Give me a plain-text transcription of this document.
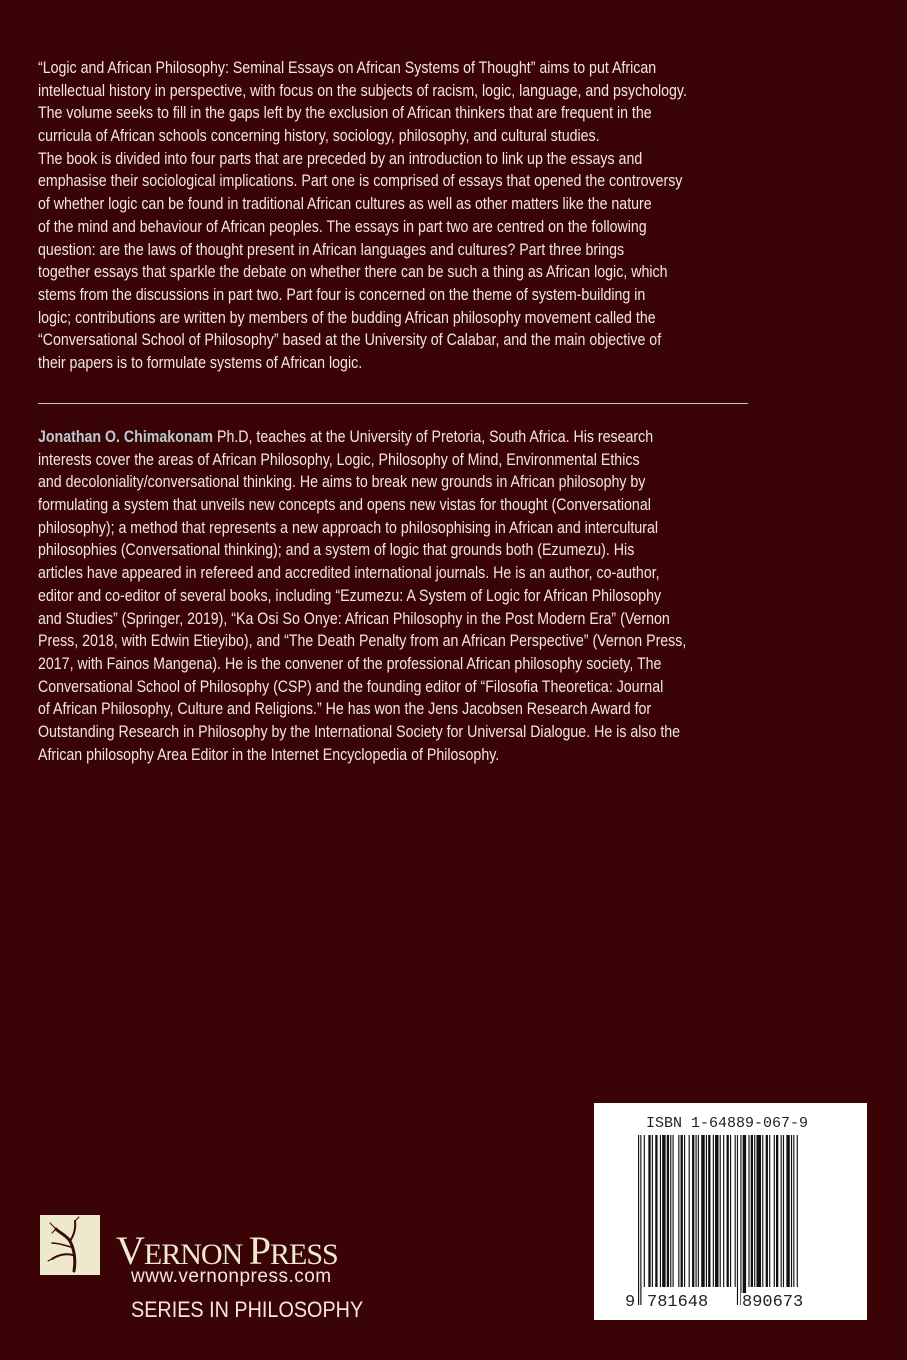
“Logic and African Philosophy: Seminal Essays on African Systems of Thought” aims to put African
intellectual history in perspective, with focus on the subjects of racism, logic, language, and psychology.
The volume seeks to fill in the gaps left by the exclusion of African thinkers that are frequent in the
curricula of African schools concerning history, sociology, philosophy, and cultural studies.
The book is divided into four parts that are preceded by an introduction to link up the essays and
emphasise their sociological implications. Part one is comprised of essays that opened the controversy
of whether logic can be found in traditional African cultures as well as other matters like the nature
of the mind and behaviour of African peoples. The essays in part two are centred on the following
question: are the laws of thought present in African languages and cultures? Part three brings
together essays that sparkle the debate on whether there can be such a thing as African logic, which
stems from the discussions in part two. Part four is concerned on the theme of system-building in
logic; contributions are written by members of the budding African philosophy movement called the
“Conversational School of Philosophy” based at the University of Calabar, and the main objective of
their papers is to formulate systems of African logic.
Jonathan O. Chimakonam Ph.D, teaches at the University of Pretoria, South Africa. His research
interests cover the areas of African Philosophy, Logic, Philosophy of Mind, Environmental Ethics
and decoloniality/conversational thinking. He aims to break new grounds in African philosophy by
formulating a system that unveils new concepts and opens new vistas for thought (Conversational
philosophy); a method that represents a new approach to philosophising in African and intercultural
philosophies (Conversational thinking); and a system of logic that grounds both (Ezumezu). His
articles have appeared in refereed and accredited international journals. He is an author, co-author,
editor and co-editor of several books, including “Ezumezu: A System of Logic for African Philosophy
and Studies” (Springer, 2019), “Ka Osi So Onye: African Philosophy in the Post Modern Era” (Vernon
Press, 2018, with Edwin Etieyibo), and “The Death Penalty from an African Perspective” (Vernon Press,
2017, with Fainos Mangena). He is the convener of the professional African philosophy society, The
Conversational School of Philosophy (CSP) and the founding editor of “Filosofia Theoretica: Journal
of African Philosophy, Culture and Religions.” He has won the Jens Jacobsen Research Award for
Outstanding Research in Philosophy by the International Society for Universal Dialogue. He is also the
African philosophy Area Editor in the Internet Encyclopedia of Philosophy.
VERNON PRESS
www.vernonpress.com
SERIES IN PHILOSOPHY
ISBN 1-64889-067-9
9 781648 890673
